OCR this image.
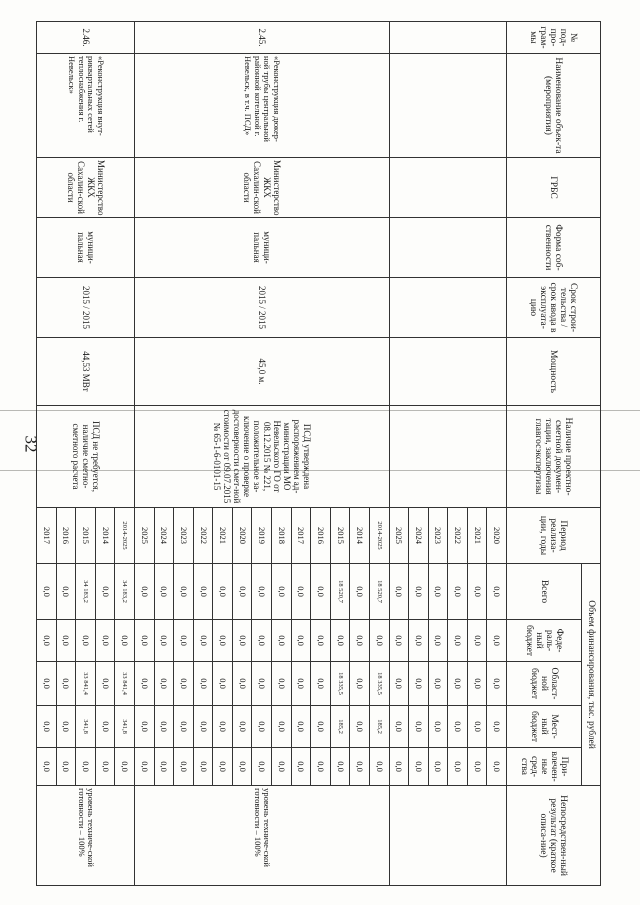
32
№ под-про-грам-мы	Наименование объек-та (мероприятия)	ГРБС	Форма соб-ственности	Срок строи-тельства / срок ввода в эксплуата-цию	Мощность	Наличие проектно-сметной докумен-тации, заключения главгосэкспертизы	Период реализа-ции, годы	Объем финансирования, тыс. рублей					Непосредствен-ный результат (краткое описа-ние)
								Всего	Феде-раль-ный бюджет	Област-ной бюджет	Мест-ный бюджет	При-влечен-ные сред-ства	
							2020	0,0	0,0	0,0	0,0	0,0	
							2021	0,0	0,0	0,0	0,0	0,0	
							2022	0,0	0,0	0,0	0,0	0,0	
							2023	0,0	0,0	0,0	0,0	0,0	
							2024	0,0	0,0	0,0	0,0	0,0	
							2025	0,0	0,0	0,0	0,0	0,0	
2.45.	«Реконструкция дюкер-ной трубы центральной районной котельной г. Невельск, в т.ч. ПСД»	Министерство ЖКХ Сахалин-ской области	муници-пальная	2015 / 2015	45,0 м.	ПСД утверждена распоряжением ад-министрации МО Невельского ГО от 08.12.2015 № 221, положительное за-ключение о проверке достоверности смет-ной стоимости от 09.07.2015 № 65-1-6-0101-15	2014-2025	18 520,7	0,0	18 335,5	185,2	0,0	уровень техниче-ской готовности – 100%
							2014	0,0	0,0	0,0	0,0	0,0	
							2015	18 520,7	0,0	18 335,5	185,2	0,0	
							2016	0,0	0,0	0,0	0,0	0,0	
							2017	0,0	0,0	0,0	0,0	0,0	
							2018	0,0	0,0	0,0	0,0	0,0	
							2019	0,0	0,0	0,0	0,0	0,0	
							2020	0,0	0,0	0,0	0,0	0,0	
							2021	0,0	0,0	0,0	0,0	0,0	
							2022	0,0	0,0	0,0	0,0	0,0	
							2023	0,0	0,0	0,0	0,0	0,0	
							2024	0,0	0,0	0,0	0,0	0,0	
							2025	0,0	0,0	0,0	0,0	0,0	
2.46.	«Реконструкция внут-риквартальных сетей теплоснабжения г. Невельск»	Министерство ЖКХ Сахалин-ской области	муници-пальная	2015 / 2015	44,53 МВт	ПСД не требуется, наличие сметно-сметного расчета	2014-2025	34 183,2	0,0	33 841,4	341,8	0,0	уровень техниче-ской готовности – 100%
							2014	0,0	0,0	0,0	0,0	0,0	
							2015	34 183,2	0,0	33 841,4	341,8	0,0	
							2016	0,0	0,0	0,0	0,0	0,0	
							2017	0,0	0,0	0,0	0,0	0,0	
